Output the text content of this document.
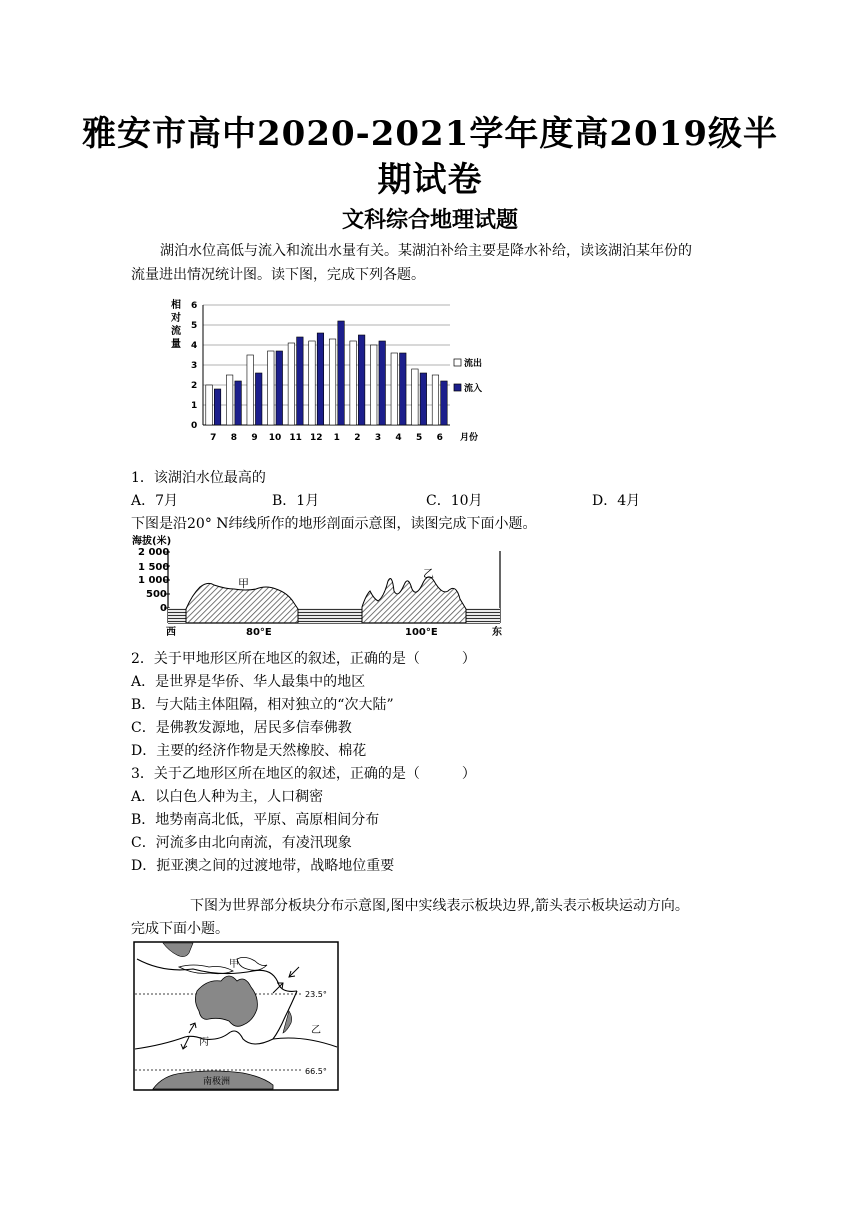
雅安市高中2020-2021学年度高2019级半
期试卷
文科综合地理试题
湖泊水位高低与流入和流出水量有关。某湖泊补给主要是降水补给，读该湖泊某年份的
流量进出情况统计图。读下图，完成下列各题。
相
对
流
量
0
1
2
3
4
5
6
7 8 9 10 11 12 1 2 3 4 5 6 月份
流出
流入
1．该湖泊水位最高的
A．7月	B．1月	C．10月	D．4月
下图是沿20° N纬线所作的地形剖面示意图，读图完成下面小题。
海拔(米)
2 000
1 500
1 000
500
0
甲
乙
西	80°E	100°E	东
2．关于甲地形区所在地区的叙述，正确的是（　　　）
A．是世界是华侨、华人最集中的地区
B．与大陆主体阻隔，相对独立的“次大陆”
C．是佛教发源地，居民多信奉佛教
D．主要的经济作物是天然橡胶、棉花
3．关于乙地形区所在地区的叙述，正确的是（　　　）
A．以白色人种为主，人口稠密
B．地势南高北低，平原、高原相间分布
C．河流多由北向南流，有凌汛现象
D．扼亚澳之间的过渡地带，战略地位重要
下图为世界部分板块分布示意图,图中实线表示板块边界,箭头表示板块运动方向。
完成下面小题。
23.5°
66.5°
南极洲
甲
乙
丙
